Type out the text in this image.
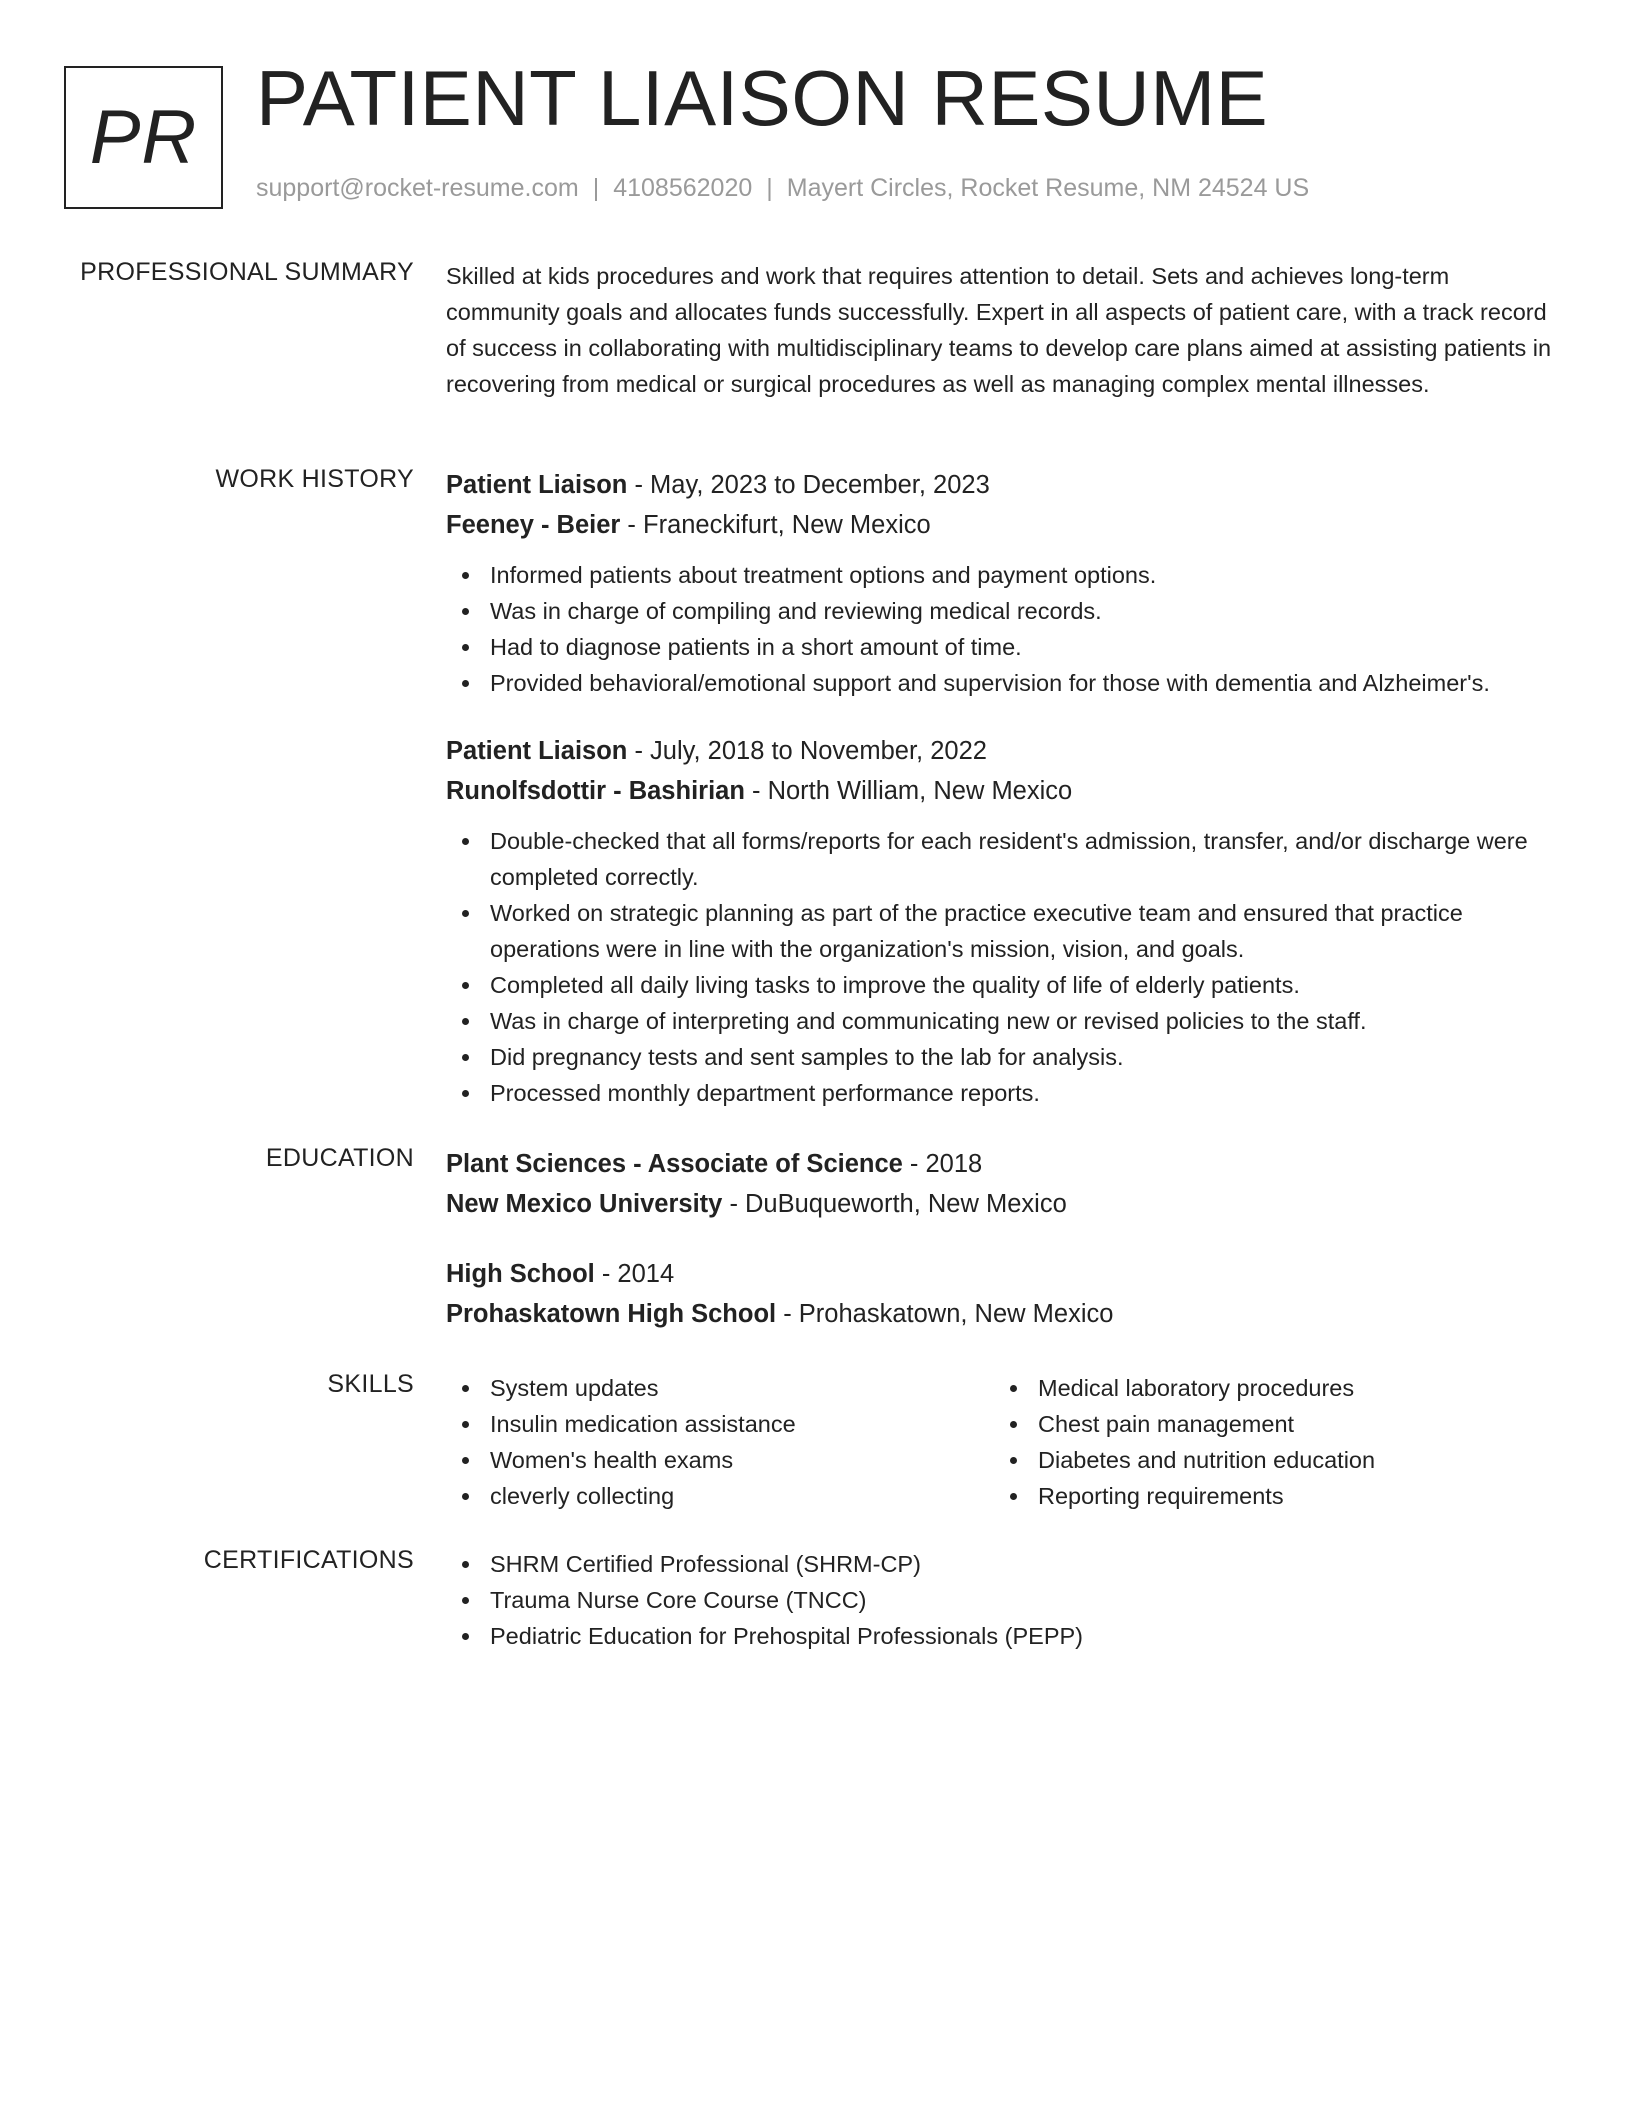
PR PATIENT LIAISON RESUME
support@rocket-resume.com | 4108562020 | Mayert Circles, Rocket Resume, NM 24524 US
PROFESSIONAL SUMMARY Skilled at kids procedures and work that requires attention to detail. Sets and achieves long-term community goals and allocates funds successfully. Expert in all aspects of patient care, with a track record of success in collaborating with multidisciplinary teams to develop care plans aimed at assisting patients in recovering from medical or surgical procedures as well as managing complex mental illnesses.

WORK HISTORY Patient Liaison - May, 2023 to December, 2023
Feeney - Beier - Franeckifurt, New Mexico
Informed patients about treatment options and payment options.
Was in charge of compiling and reviewing medical records.
Had to diagnose patients in a short amount of time.
Provided behavioral/emotional support and supervision for those with dementia and Alzheimer's.
Patient Liaison - July, 2018 to November, 2022
Runolfsdottir - Bashirian - North William, New Mexico
Double-checked that all forms/reports for each resident's admission, transfer, and/or discharge were completed correctly.
Worked on strategic planning as part of the practice executive team and ensured that practice operations were in line with the organization's mission, vision, and goals.
Completed all daily living tasks to improve the quality of life of elderly patients.
Was in charge of interpreting and communicating new or revised policies to the staff.
Did pregnancy tests and sent samples to the lab for analysis.
Processed monthly department performance reports.
EDUCATION Plant Sciences - Associate of Science - 2018
New Mexico University - DuBuqueworth, New Mexico
High School - 2014
Prohaskatown High School - Prohaskatown, New Mexico
SKILLS	System updates
Insulin medication assistance
Women's health exams
cleverly collecting
Medical laboratory procedures
Chest pain management
Diabetes and nutrition education
Reporting requirements
CERTIFICATIONS	SHRM Certified Professional (SHRM-CP)
Trauma Nurse Core Course (TNCC)
Pediatric Education for Prehospital Professionals (PEPP)
